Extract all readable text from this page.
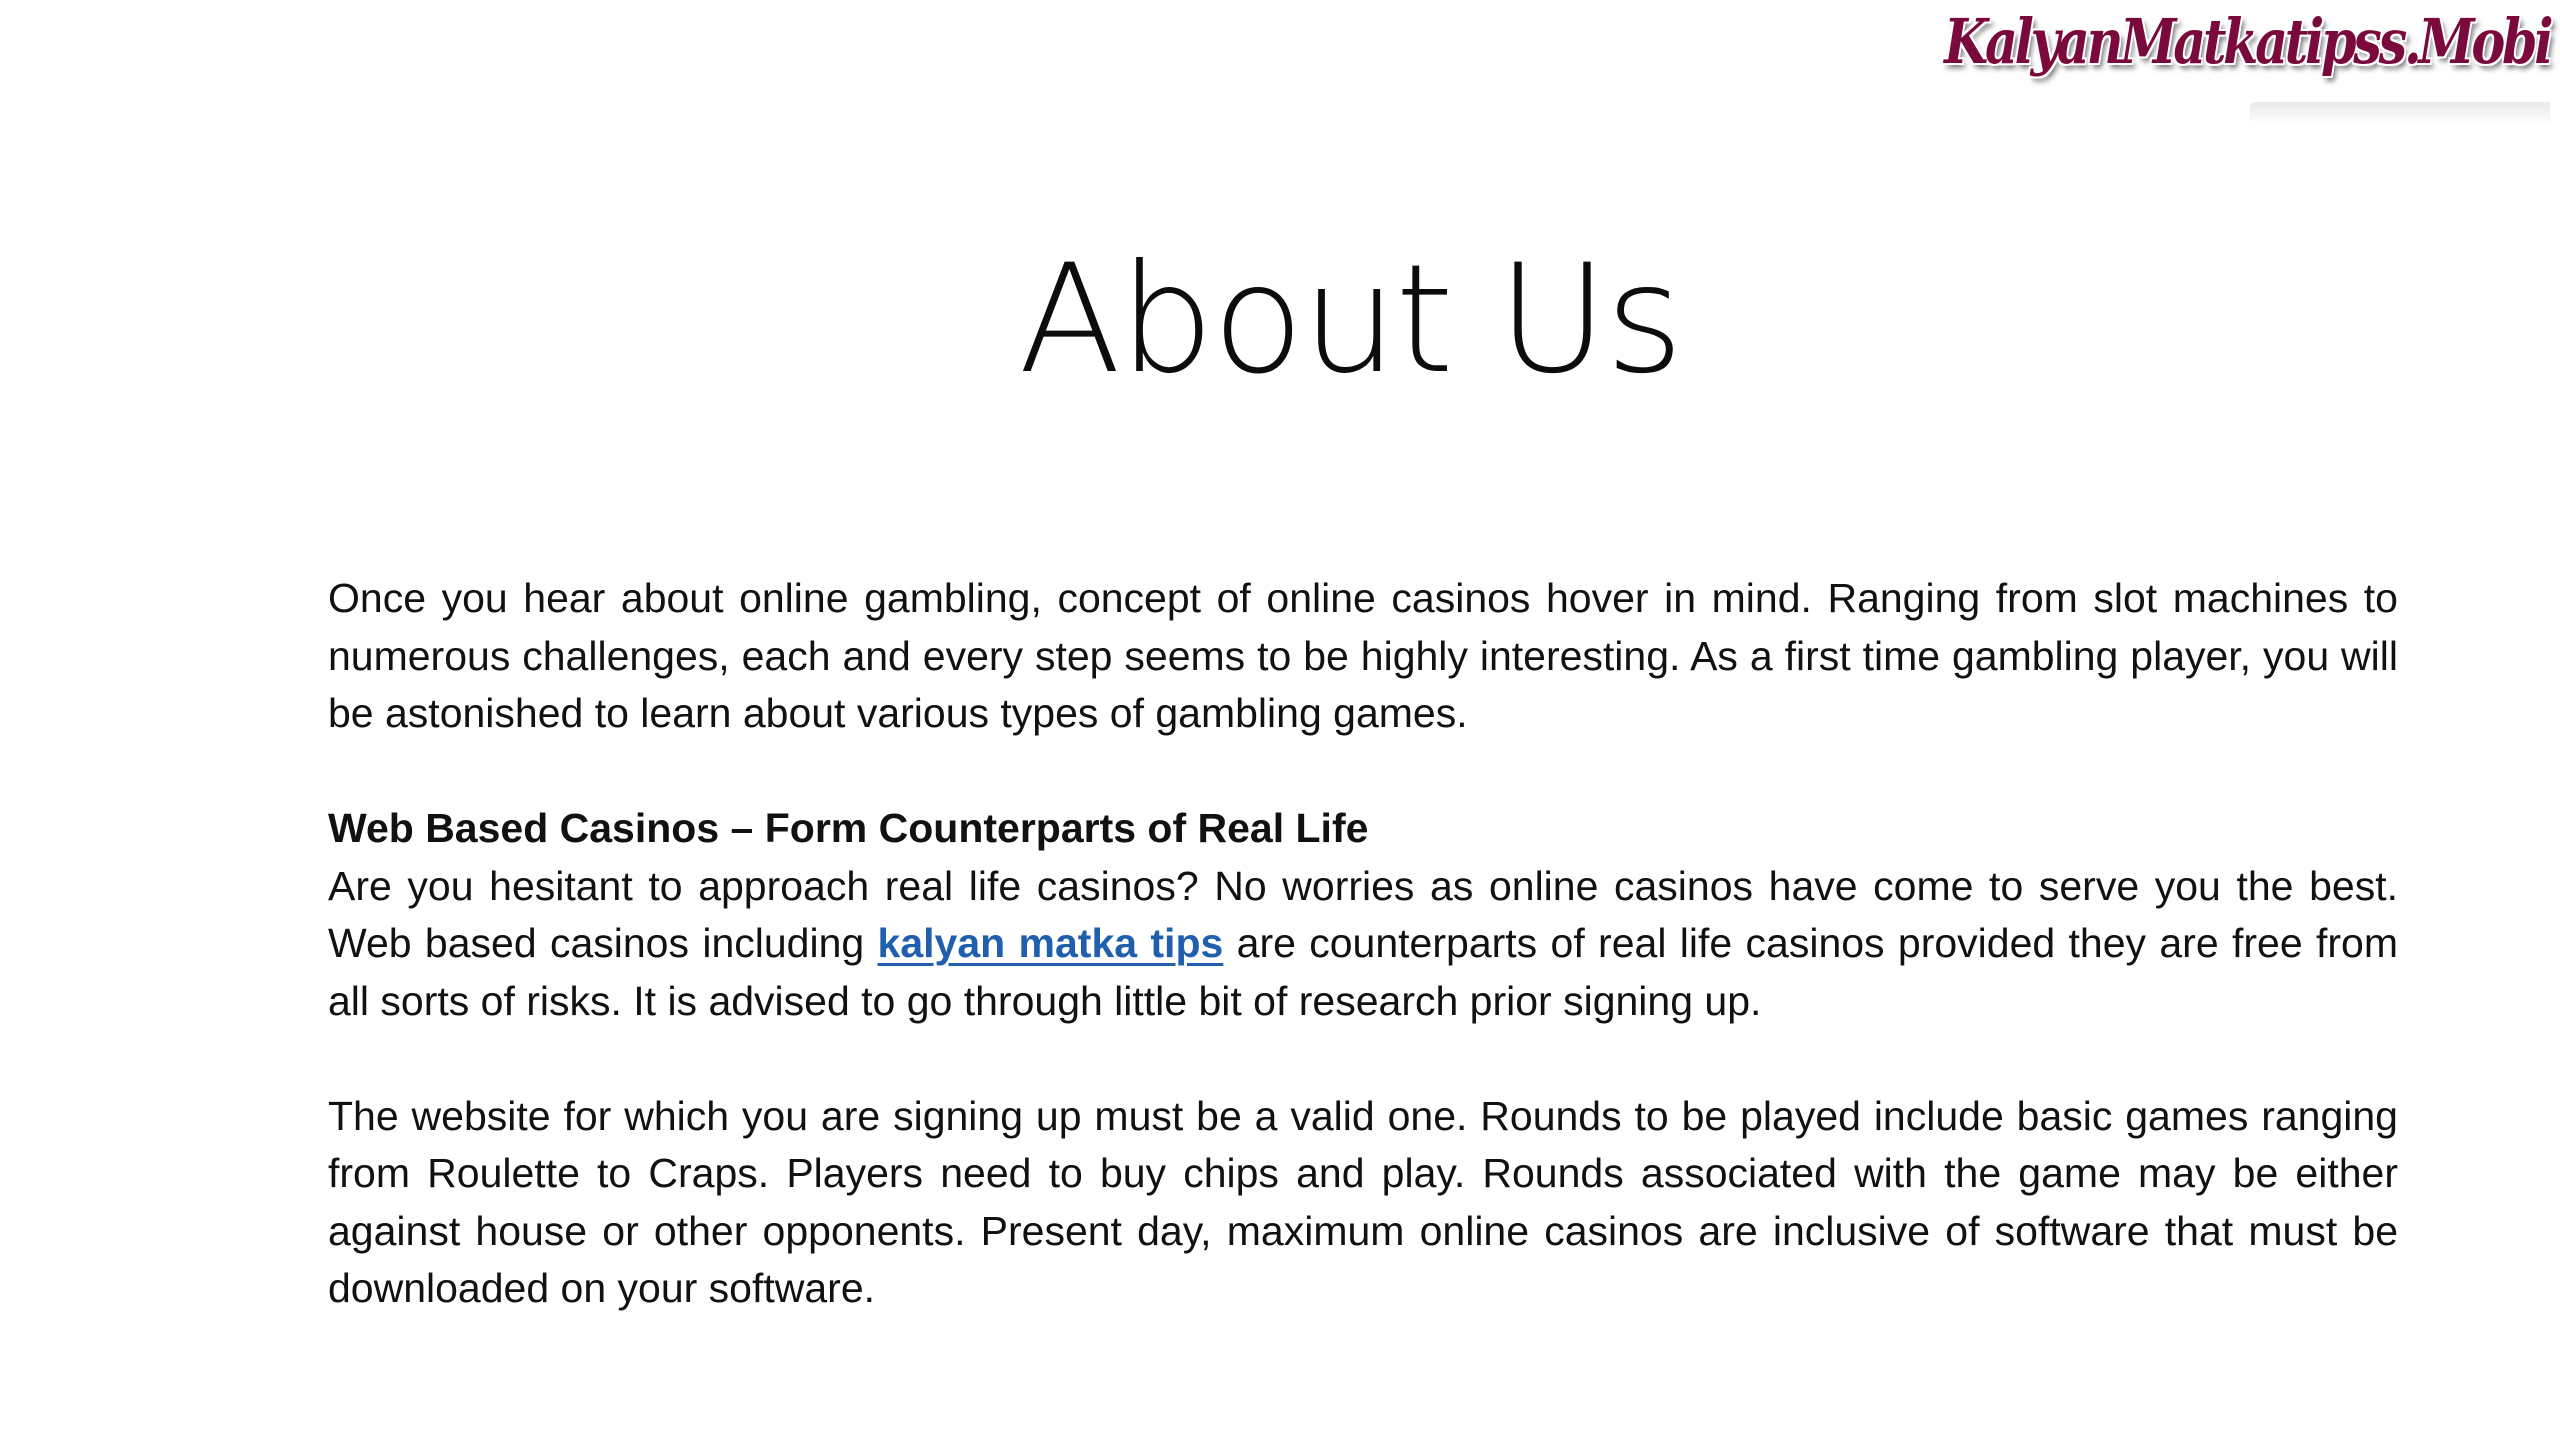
KalyanMatkatipss.Mobi
About Us

Once you hear about online gambling, concept of online casinos hover in mind. Ranging from slot machines to numerous challenges, each and every step seems to be highly interesting. As a first time gambling player, you will be astonished to learn about various types of gambling games.

Web Based Casinos – Form Counterparts of Real Life

Are you hesitant to approach real life casinos? No worries as online casinos have come to serve you the best. Web based casinos including kalyan matka tips are counterparts of real life casinos provided they are free from all sorts of risks. It is advised to go through little bit of research prior signing up.

The website for which you are signing up must be a valid one. Rounds to be played include basic games ranging from Roulette to Craps. Players need to buy chips and play. Rounds associated with the game may be either against house or other opponents. Present day, maximum online casinos are inclusive of software that must be downloaded on your software.
